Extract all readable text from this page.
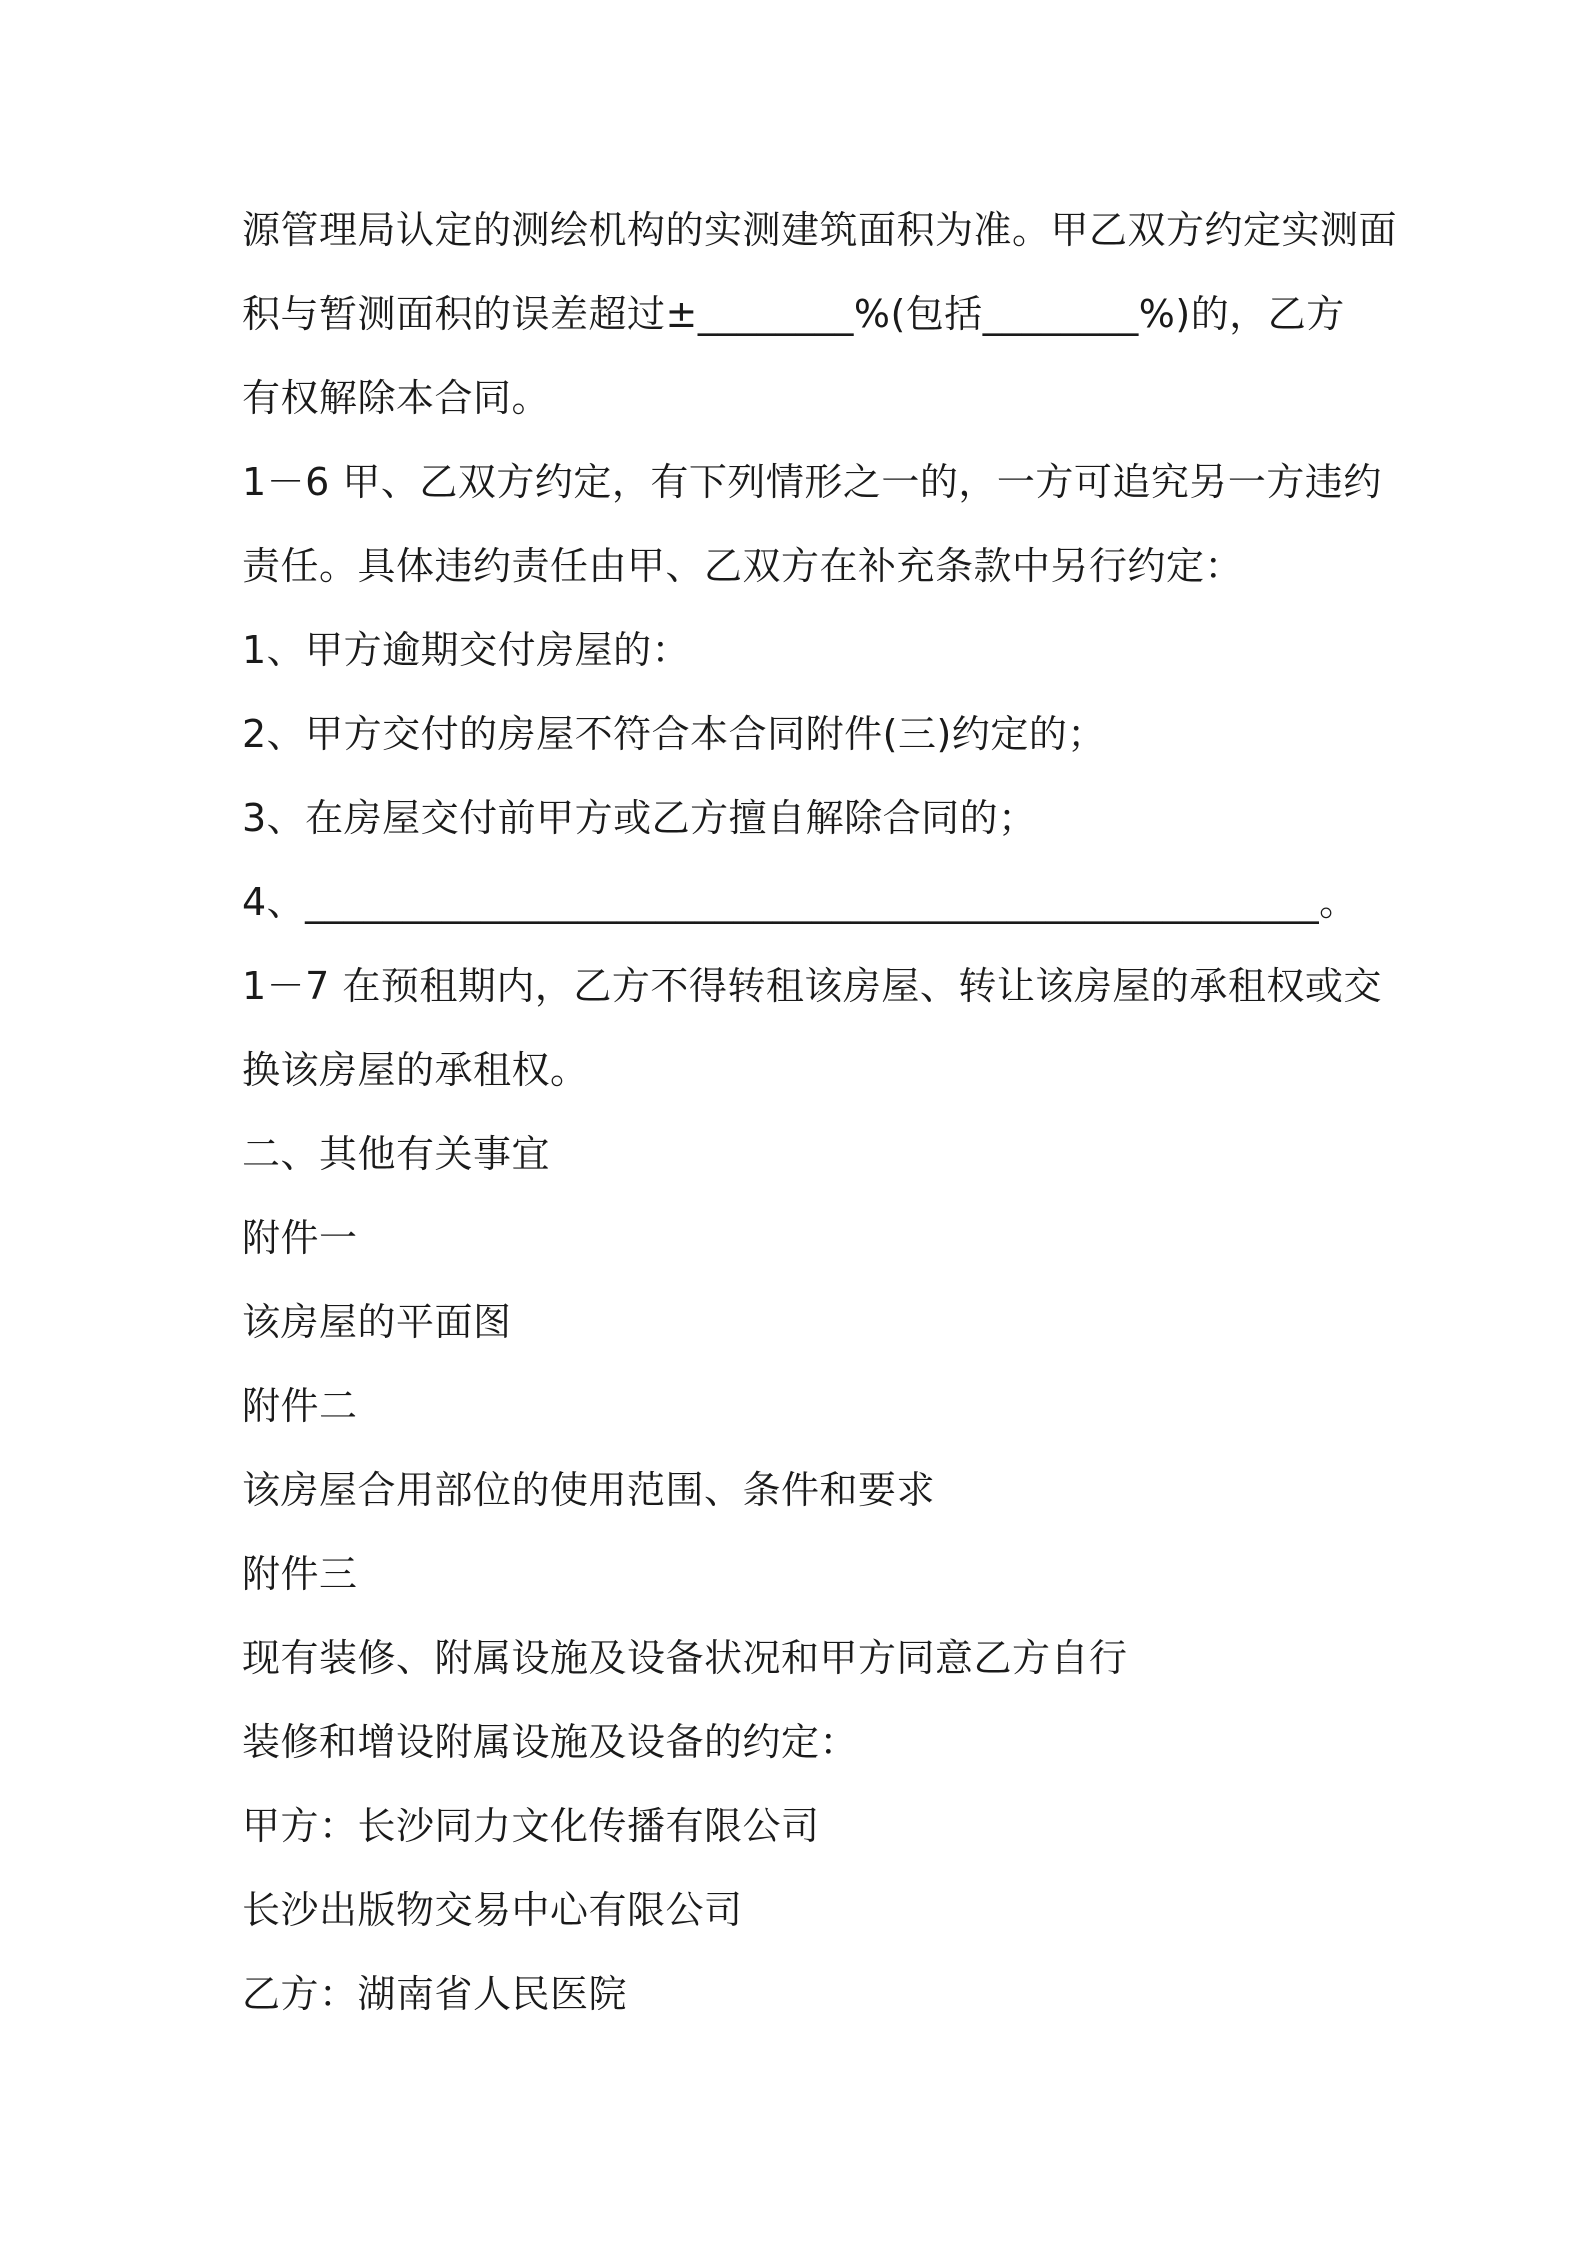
源管理局认定的测绘机构的实测建筑面积为准。甲乙双方约定实测面
积与暂测面积的误差超过±________%(包括________%)的，乙方
有权解除本合同。
1－6 甲、乙双方约定，有下列情形之一的，一方可追究另一方违约
责任。具体违约责任由甲、乙双方在补充条款中另行约定：
1、甲方逾期交付房屋的：
2、甲方交付的房屋不符合本合同附件(三)约定的；
3、在房屋交付前甲方或乙方擅自解除合同的；
4、____________________________________________________。
1－7 在预租期内，乙方不得转租该房屋、转让该房屋的承租权或交
换该房屋的承租权。
二、其他有关事宜
附件一
该房屋的平面图
附件二
该房屋合用部位的使用范围、条件和要求
附件三
现有装修、附属设施及设备状况和甲方同意乙方自行
装修和增设附属设施及设备的约定：
甲方：长沙同力文化传播有限公司
长沙出版物交易中心有限公司
乙方：湖南省人民医院
